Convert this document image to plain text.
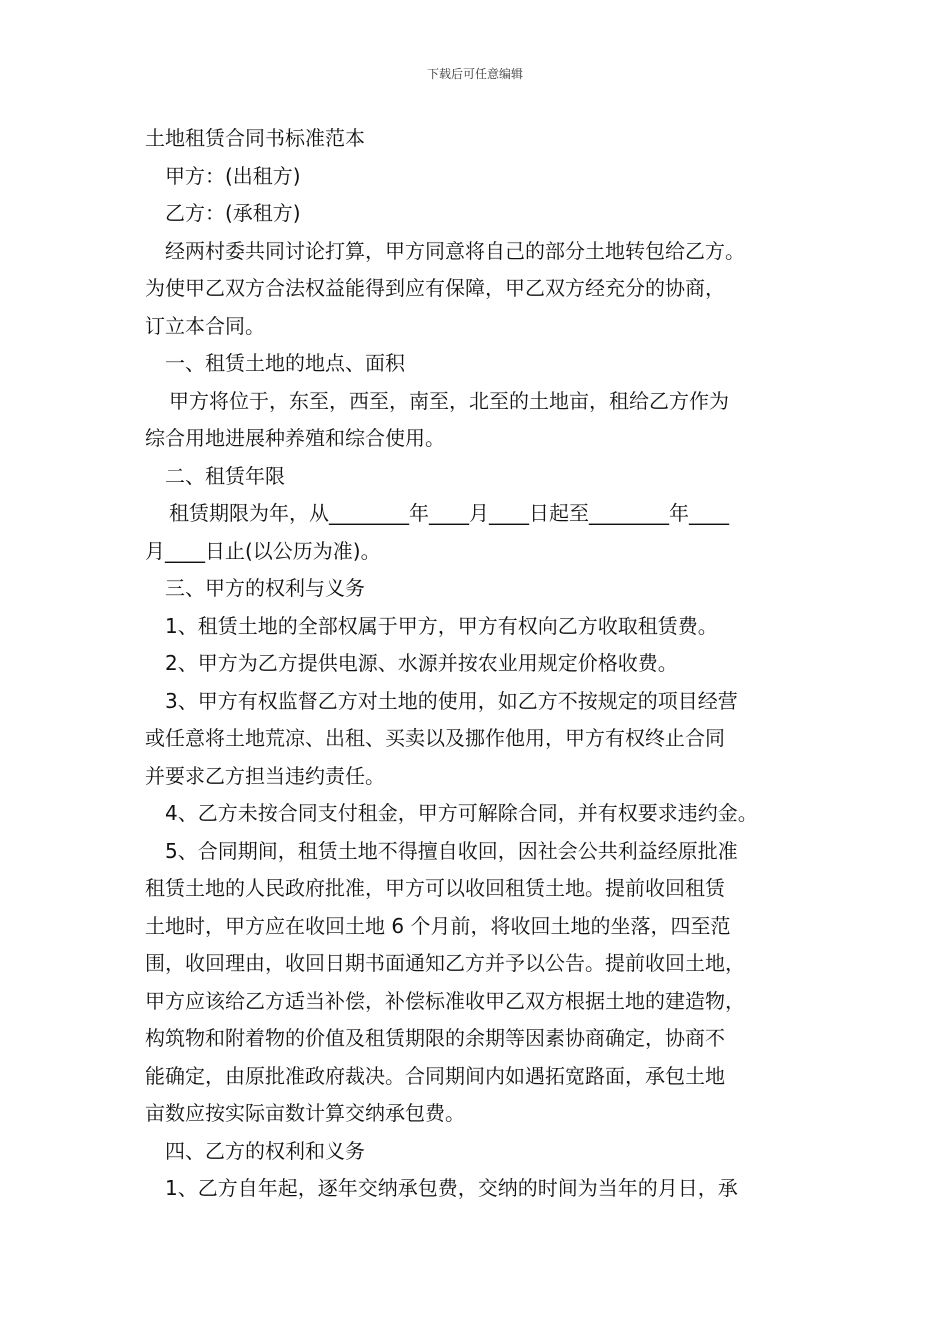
下载后可任意编辑
土地租赁合同书标准范本
甲方：(出租方)
乙方：(承租方)
经两村委共同讨论打算，甲方同意将自己的部分土地转包给乙方。
为使甲乙双方合法权益能得到应有保障，甲乙双方经充分的协商，
订立本合同。
一、租赁土地的地点、面积
甲方将位于，东至，西至，南至，北至的土地亩，租给乙方作为
综合用地进展种养殖和综合使用。
二、租赁年限
租赁期限为年，从________年____月____日起至________年____
月____日止(以公历为准)。
三、甲方的权利与义务
1、租赁土地的全部权属于甲方，甲方有权向乙方收取租赁费。
2、甲方为乙方提供电源、水源并按农业用规定价格收费。
3、甲方有权监督乙方对土地的使用，如乙方不按规定的项目经营
或任意将土地荒凉、出租、买卖以及挪作他用，甲方有权终止合同
并要求乙方担当违约责任。
4、乙方未按合同支付租金，甲方可解除合同，并有权要求违约金。
5、合同期间，租赁土地不得擅自收回，因社会公共利益经原批准
租赁土地的人民政府批准，甲方可以收回租赁土地。提前收回租赁
土地时，甲方应在收回土地 6 个月前，将收回土地的坐落，四至范
围，收回理由，收回日期书面通知乙方并予以公告。提前收回土地，
甲方应该给乙方适当补偿，补偿标准收甲乙双方根据土地的建造物，
构筑物和附着物的价值及租赁期限的余期等因素协商确定，协商不
能确定，由原批准政府裁决。合同期间内如遇拓宽路面，承包土地
亩数应按实际亩数计算交纳承包费。
四、乙方的权利和义务
1、乙方自年起，逐年交纳承包费，交纳的时间为当年的月日，承
